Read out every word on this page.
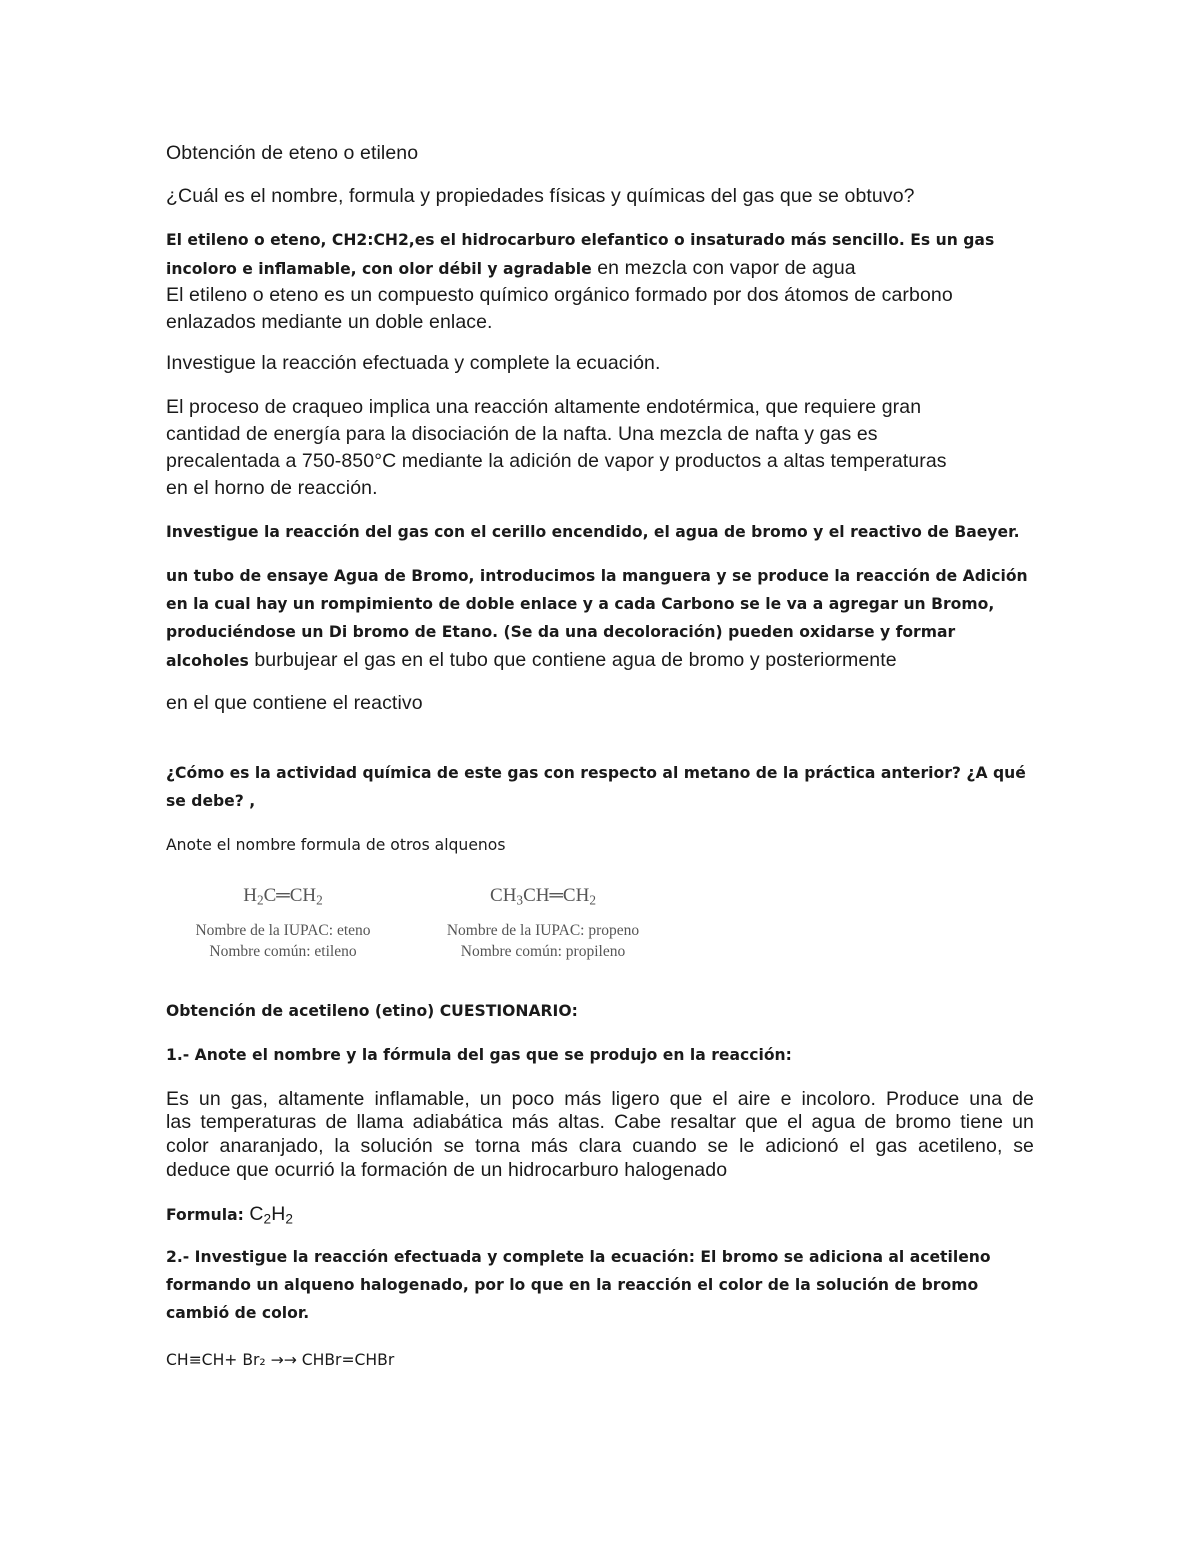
Obtención de eteno o etileno
¿Cuál es el nombre, formula y propiedades físicas y químicas del gas que se obtuvo?
El etileno o eteno, CH2:CH2,es el hidrocarburo elefantico o insaturado más sencillo. Es un gas
incoloro e inflamable, con olor débil y agradable en mezcla con vapor de agua
El etileno o eteno es un compuesto químico orgánico formado por dos átomos de carbono
enlazados mediante un doble enlace.
Investigue la reacción efectuada y complete la ecuación.
El proceso de craqueo implica una reacción altamente endotérmica, que requiere gran
cantidad de energía para la disociación de la nafta. Una mezcla de nafta y gas es
precalentada a 750-850°C mediante la adición de vapor y productos a altas temperaturas
en el horno de reacción.
Investigue la reacción del gas con el cerillo encendido, el agua de bromo y el reactivo de Baeyer.
un tubo de ensaye Agua de Bromo, introducimos la manguera y se produce la reacción de Adición
en la cual hay un rompimiento de doble enlace y a cada Carbono se le va a agregar un Bromo,
produciéndose un Di bromo de Etano. (Se da una decoloración) pueden oxidarse y formar
alcoholes burbujear el gas en el tubo que contiene agua de bromo y posteriormente
en el que contiene el reactivo
¿Cómo es la actividad química de este gas con respecto al metano de la práctica anterior? ¿A qué
se debe? ,
Anote el nombre formula de otros alquenos
$H_2C═CH_2$
Nombre de la IUPAC: eteno
Nombre común: etileno
$CH_3CH═CH_2$
Nombre de la IUPAC: propeno
Nombre común: propileno
Obtención de acetileno (etino) CUESTIONARIO:
1.- Anote el nombre y la fórmula del gas que se produjo en la reacción:
Es un gas, altamente inflamable, un poco más ligero que el aire e incoloro. Produce una de
las temperaturas de llama adiabática más altas. Cabe resaltar que el agua de bromo tiene un
color anaranjado, la solución se torna más clara cuando se le adicionó el gas acetileno, se
deduce que ocurrió la formación de un hidrocarburo halogenado
Formula: $C_2H_2$
2.- Investigue la reacción efectuada y complete la ecuación: El bromo se adiciona al acetileno
formando un alqueno halogenado, por lo que en la reacción el color de la solución de bromo
cambió de color.
CH≡CH+ Br₂ →→ CHBr=CHBr
